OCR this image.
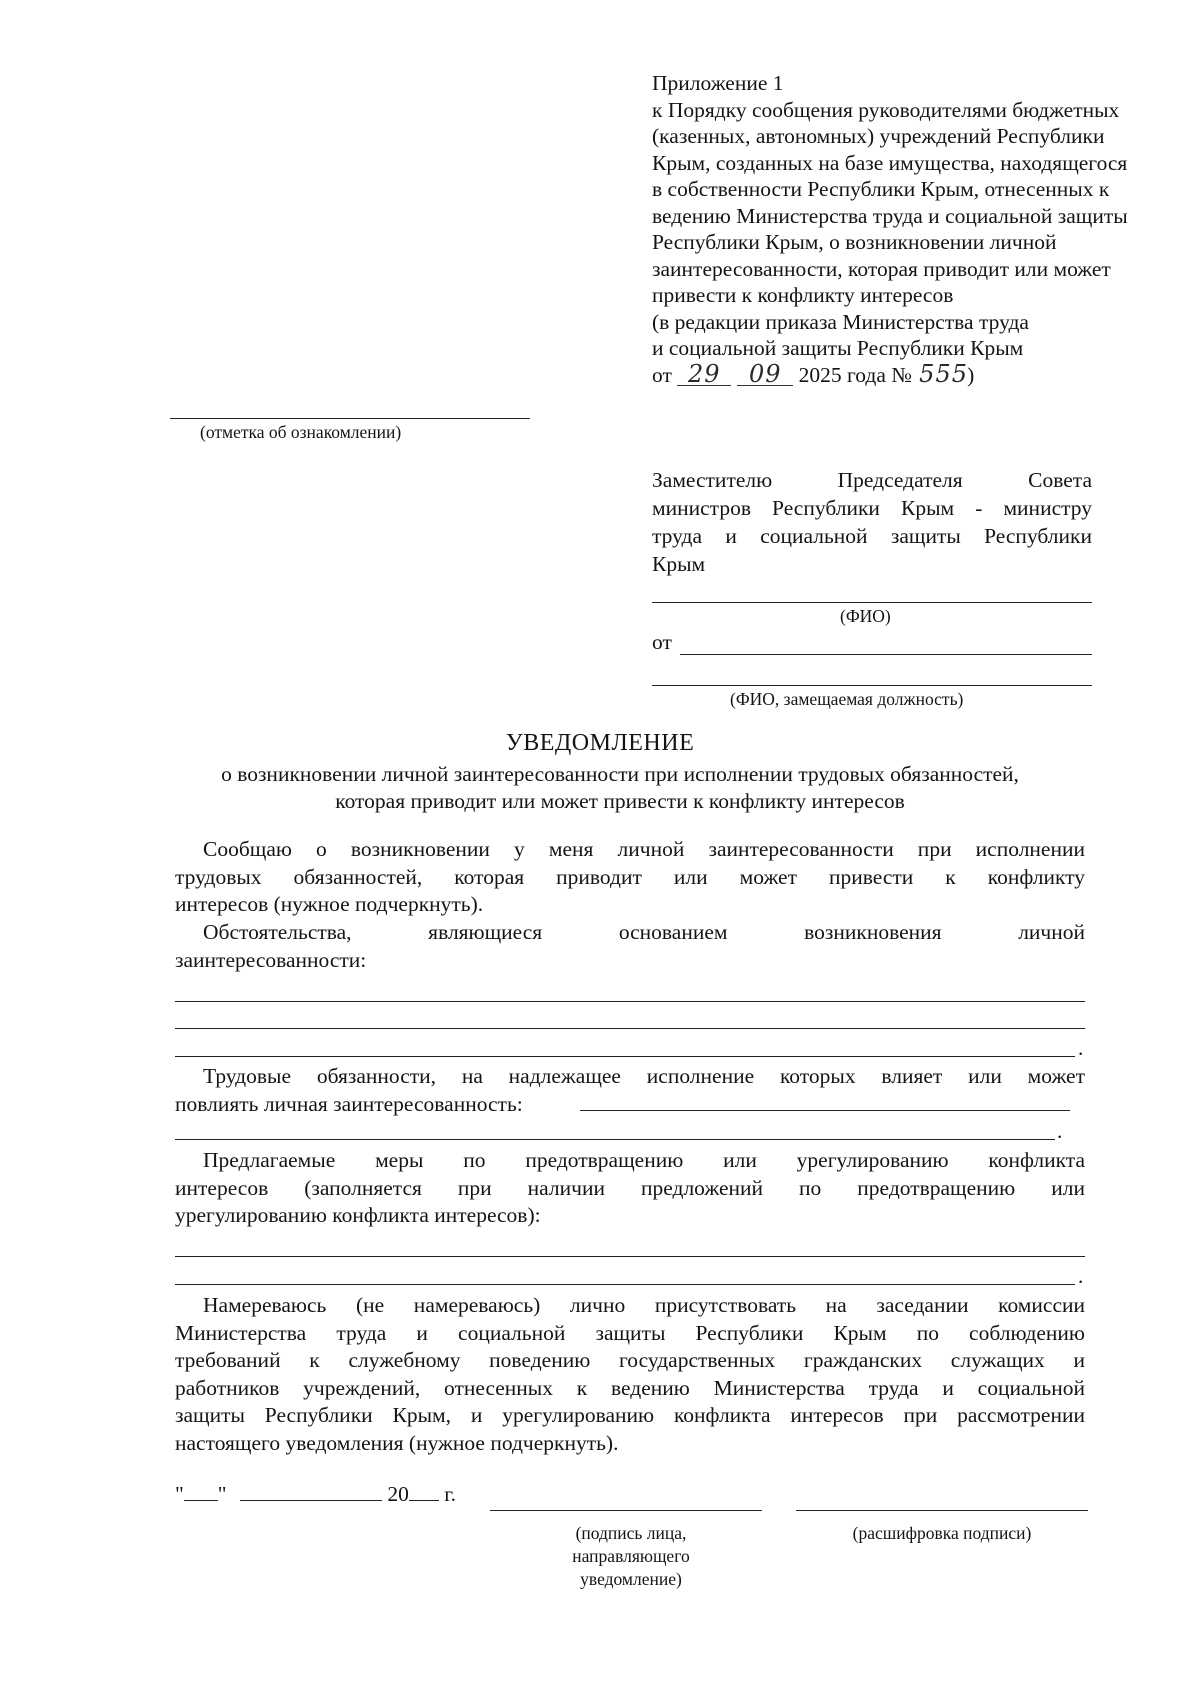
Приложение 1
к Порядку сообщения руководителями бюджетных
(казенных, автономных) учреждений Республики
Крым, созданных на базе имущества, находящегося
в собственности Республики Крым, отнесенных к
ведению Министерства труда и социальной защиты
Республики Крым, о возникновении личной
заинтересованности, которая приводит или может
привести к конфликту интересов
(в редакции приказа Министерства труда
и социальной защиты Республики Крым
от 29 09 2025 года № 555)
(отметка об ознакомлении)
Заместителю Председателя Совета
министров Республики Крым - министру
труда и социальной защиты Республики
Крым
(ФИО)
от
(ФИО, замещаемая должность)
УВЕДОМЛЕНИЕ
о возникновении личной заинтересованности при исполнении трудовых обязанностей,
которая приводит или может привести к конфликту интересов
Сообщаю о возникновении у меня личной заинтересованности при исполнении
трудовых обязанностей, которая приводит или может привести к конфликту
интересов (нужное подчеркнуть).
Обстоятельства, являющиеся основанием возникновения личной
заинтересованности:
.
Трудовые обязанности, на надлежащее исполнение которых влияет или может
повлиять личная заинтересованность:
.
Предлагаемые меры по предотвращению или урегулированию конфликта
интересов (заполняется при наличии предложений по предотвращению или
урегулированию конфликта интересов):
.
Намереваюсь (не намереваюсь) лично присутствовать на заседании комиссии
Министерства труда и социальной защиты Республики Крым по соблюдению
требований к служебному поведению государственных гражданских служащих и
работников учреждений, отнесенных к ведению Министерства труда и социальной
защиты Республики Крым, и урегулированию конфликта интересов при рассмотрении
настоящего уведомления (нужное подчеркнуть).
" "	20 г.
(подпись лица,
направляющего
уведомление)
(расшифровка подписи)
